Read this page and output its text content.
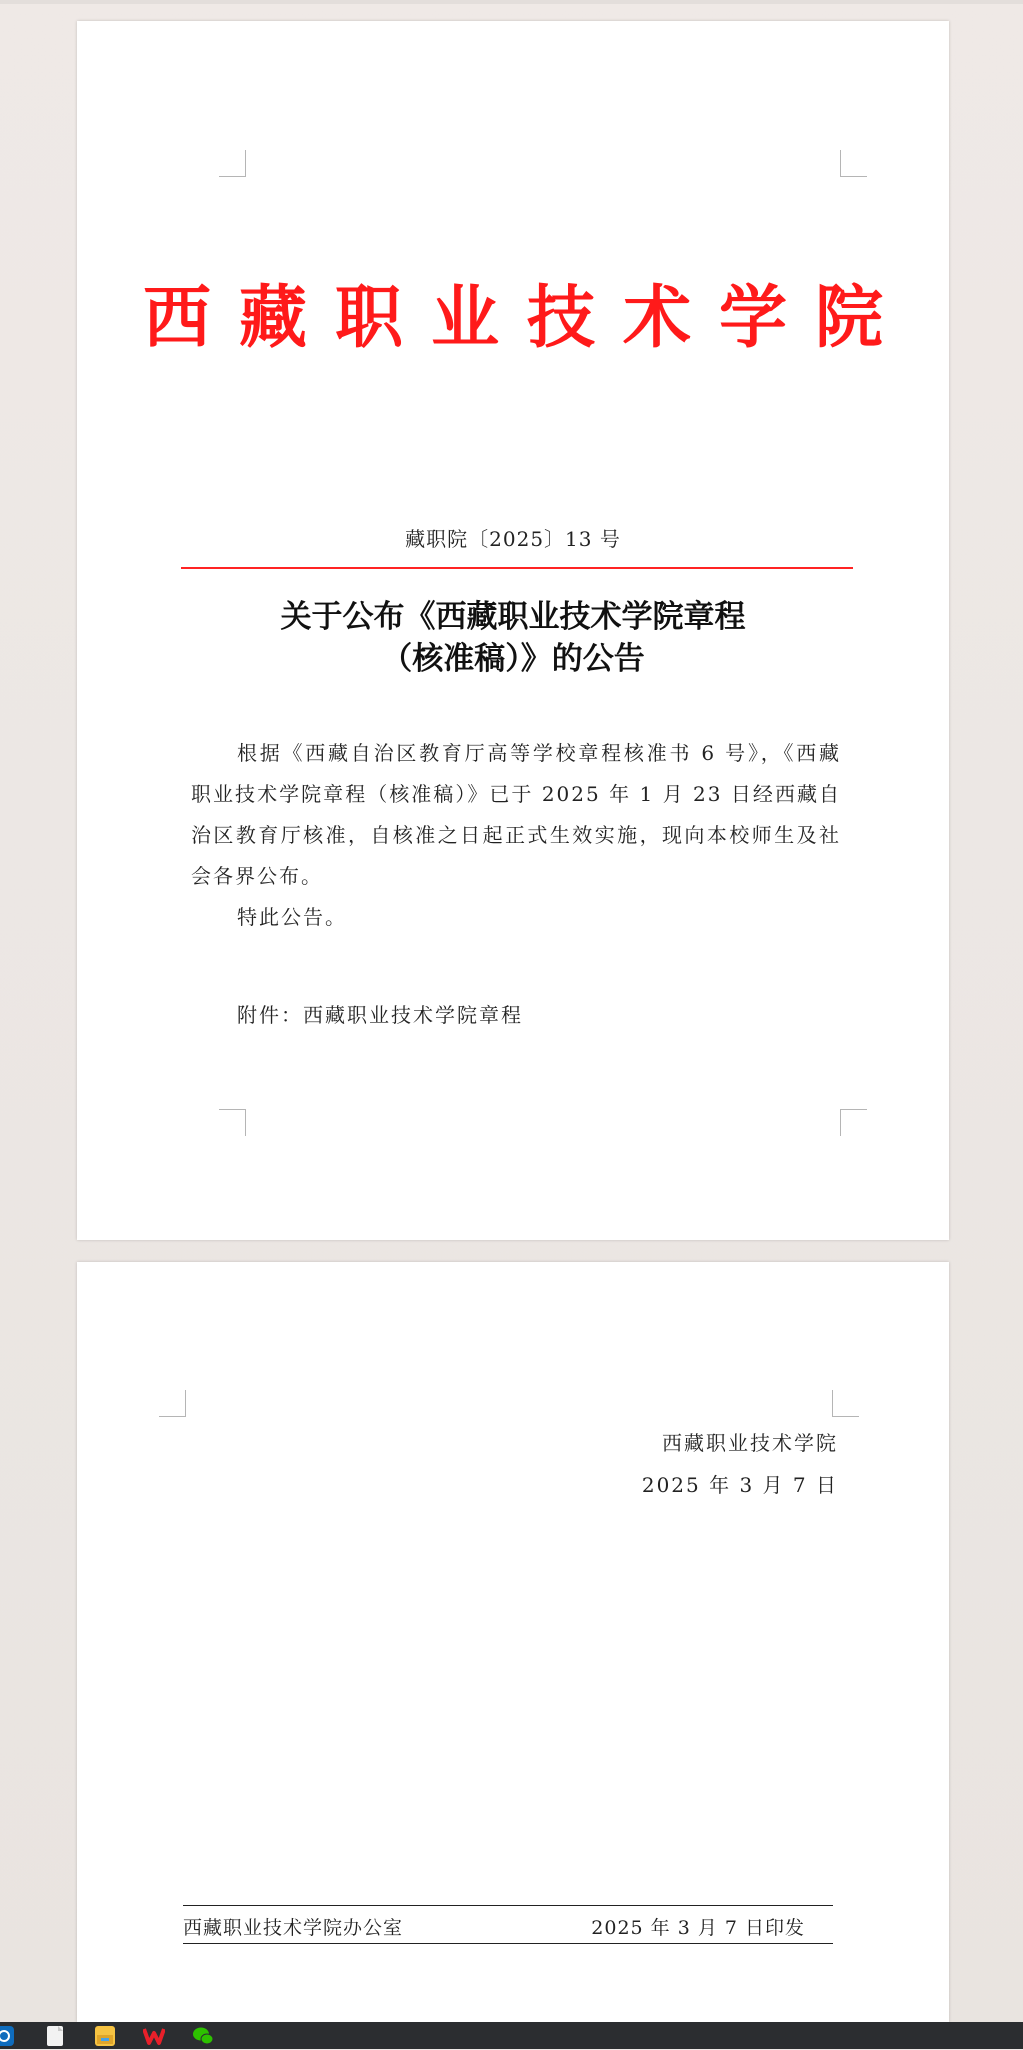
西藏职业技术学院
藏职院〔2025〕13 号
关于公布《西藏职业技术学院章程
（核准稿）》的公告

根据《西藏自治区教育厅高等学校章程核准书 6 号》，《西藏职业技术学院章程（核准稿）》已于 2025 年 1 月 23 日经西藏自治区教育厅核准，自核准之日起正式生效实施，现向本校师生及社会各界公布。

特此公告。

附件：西藏职业技术学院章程
西藏职业技术学院
2025 年 3 月 7 日
西藏职业技术学院办公室	2025 年 3 月 7 日印发
